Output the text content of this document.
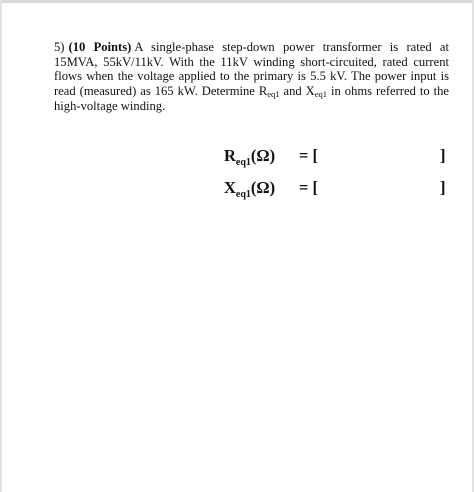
5) (10 Points) A single-phase step-down power transformer is rated at 15MVA, 55kV/11kV. With the 11kV winding short-circuited, rated current flows when the voltage applied to the primary is 5.5 kV. The power input is read (measured) as 165 kW. Determine Req1 and Xeq1 in ohms referred to the high-voltage winding.
$R_{eq1}(\Omega)$ = [	]
$X_{eq1}(\Omega)$ = [	]
